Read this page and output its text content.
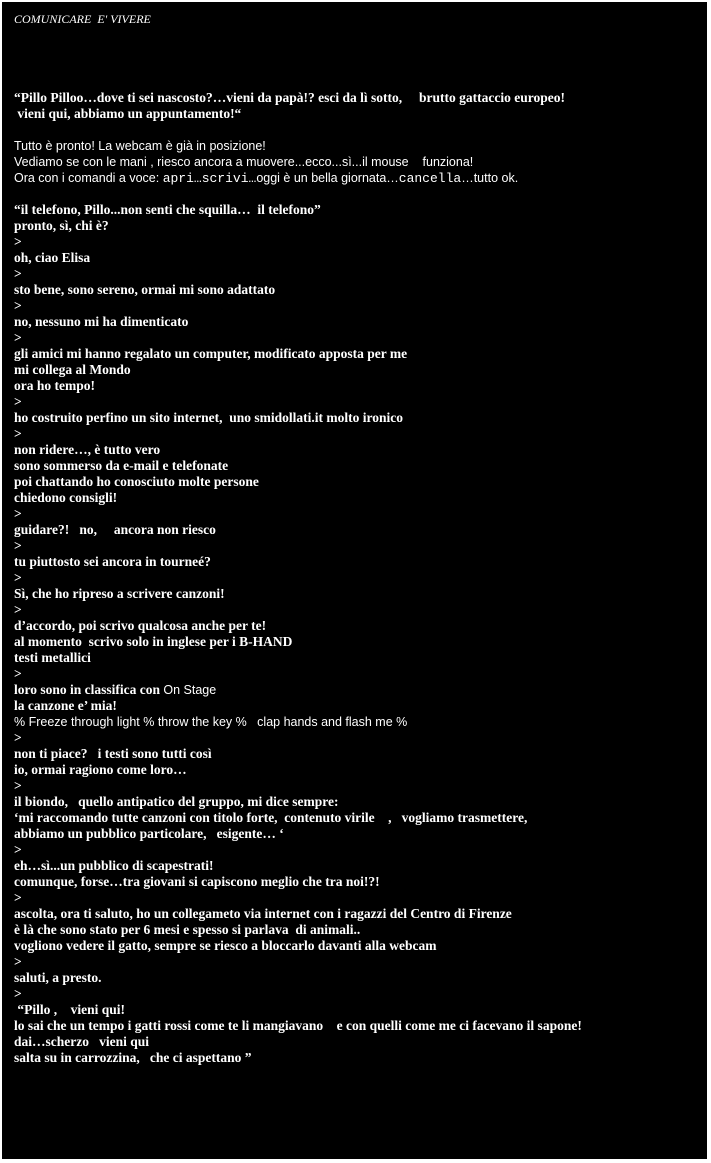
COMUNICARE  E' VIVERE
“Pillo Pilloo…dove ti sei nascosto?…vieni da papà!? esci da lì sotto,     brutto gattaccio europeo!
vieni qui, abbiamo un appuntamento!“
Tutto è pronto! La webcam è già in posizione!
Vediamo se con le mani , riesco ancora a muovere...ecco...sì...il mouse    funziona!
Ora con i comandi a voce: apri…scrivi…oggi è un bella giornata…cancella…tutto ok.
“il telefono, Pillo...non senti che squilla…  il telefono”
pronto, sì, chi è?
>
oh, ciao Elisa
>
sto bene, sono sereno, ormai mi sono adattato
>
no, nessuno mi ha dimenticato
>
gli amici mi hanno regalato un computer, modificato apposta per me
mi collega al Mondo
ora ho tempo!
>
ho costruito perfino un sito internet,  uno smidollati.it molto ironico
>
non ridere…, è tutto vero
sono sommerso da e-mail e telefonate
poi chattando ho conosciuto molte persone
chiedono consigli!
>
guidare?!   no,     ancora non riesco
>
tu piuttosto sei ancora in tourneé?
>
Sì, che ho ripreso a scrivere canzoni!
>
d’accordo, poi scrivo qualcosa anche per te!
al momento  scrivo solo in inglese per i B-HAND
testi metallici
>
loro sono in classifica con On Stage
la canzone e’ mia!
% Freeze through light % throw the key %   clap hands and flash me %
>
non ti piace?   i testi sono tutti così
io, ormai ragiono come loro…
>
il biondo,   quello antipatico del gruppo, mi dice sempre:
‘mi raccomando tutte canzoni con titolo forte,  contenuto virile    ,   vogliamo trasmettere,
abbiamo un pubblico particolare,   esigente… ‘
>
eh…sì...un pubblico di scapestrati!
comunque, forse…tra giovani si capiscono meglio che tra noi!?!
>
ascolta, ora ti saluto, ho un collegameto via internet con i ragazzi del Centro di Firenze
è là che sono stato per 6 mesi e spesso si parlava  di animali..
vogliono vedere il gatto, sempre se riesco a bloccarlo davanti alla webcam
>
saluti, a presto.
>
“Pillo ,    vieni qui!
lo sai che un tempo i gatti rossi come te li mangiavano    e con quelli come me ci facevano il sapone!
dai…scherzo   vieni qui
salta su in carrozzina,   che ci aspettano ”
